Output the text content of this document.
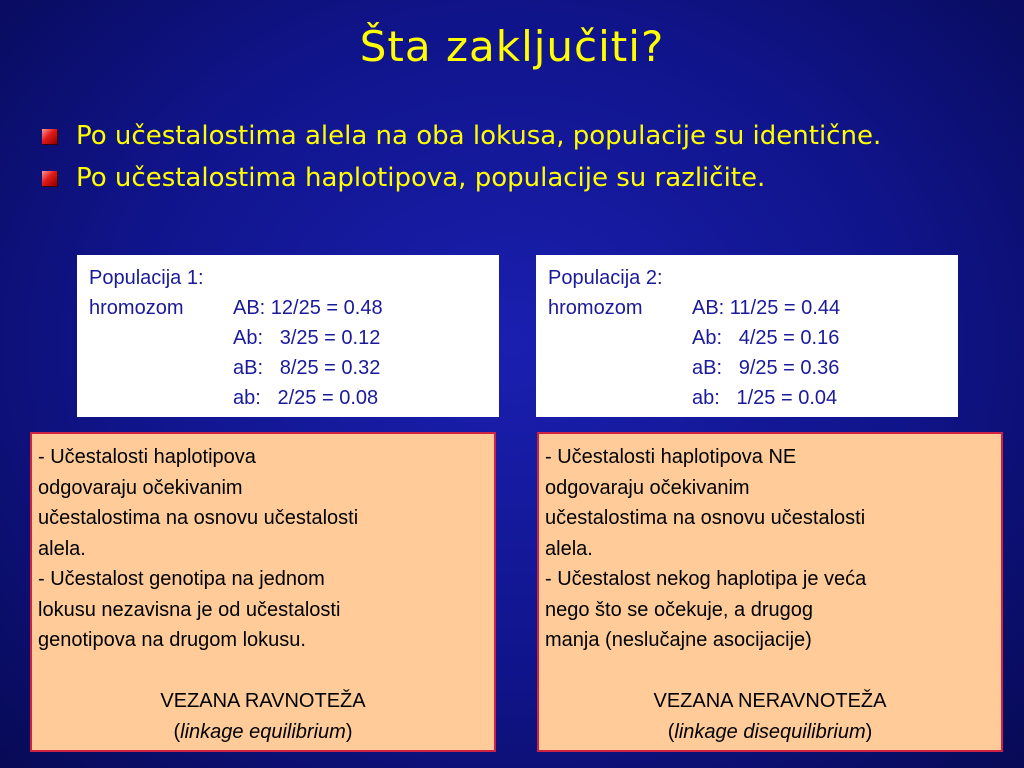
Šta zaključiti?
Po učestalostima alela na oba lokusa, populacije su identične.
Po učestalostima haplotipova, populacije su različite.
Populacija 1:
hromozom	AB: 12/25 = 0.48
Ab:   3/25 = 0.12
aB:   8/25 = 0.32
ab:   2/25 = 0.08
Populacija 2:
hromozom	AB: 11/25 = 0.44
Ab:   4/25 = 0.16
aB:   9/25 = 0.36
ab:   1/25 = 0.04
- Učestalosti haplotipova
odgovaraju očekivanim
učestalostima na osnovu učestalosti
alela.
- Učestalost genotipa na jednom
lokusu nezavisna je od učestalosti
genotipova na drugom lokusu.
VEZANA RAVNOTEŽA
(linkage equilibrium)
- Učestalosti haplotipova NE
odgovaraju očekivanim
učestalostima na osnovu učestalosti
alela.
- Učestalost nekog haplotipa je veća
nego što se očekuje, a drugog
manja (neslučajne asocijacije)
VEZANA NERAVNOTEŽA
(linkage disequilibrium)
